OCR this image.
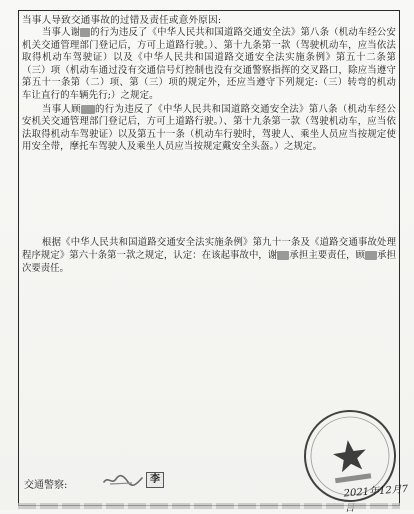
当事人导致交通事故的过错及责任或意外原因:

当事人谢 的行为违反了《中华人民共和国道路交通安全法》第八条（机动车经公安机关交通管理部门登记后，方可上道路行驶。）、第十九条第一款（驾驶机动车，应当依法取得机动车驾驶证）以及《中华人民共和国道路交通安全法实施条例》第五十二条第（三）项（机动车通过没有交通信号灯控制也没有交通警察指挥的交叉路口，除应当遵守第五十一条第（二）项、第（三）项的规定外，还应当遵守下列规定:（三）转弯的机动车让直行的车辆先行;）之规定。

当事人顾 的行为违反了《中华人民共和国道路交通安全法》第八条（机动车经公安机关交通管理部门登记后，方可上道路行驶。）、第十九条第一款（驾驶机动车，应当依法取得机动车驾驶证）以及第五十一条（机动车行驶时，驾驶人、乘坐人员应当按规定使用安全带，摩托车驾驶人及乘坐人员应当按规定戴安全头盔。）之规定。

根据《中华人民共和国道路交通安全法实施条例》第九十一条及《道路交通事故处理程序规定》第六十条第一款之规定，认定：在该起事故中，谢 承担主要责任，顾 承担次要责任。
2021年12月7日
交通警察:
李
